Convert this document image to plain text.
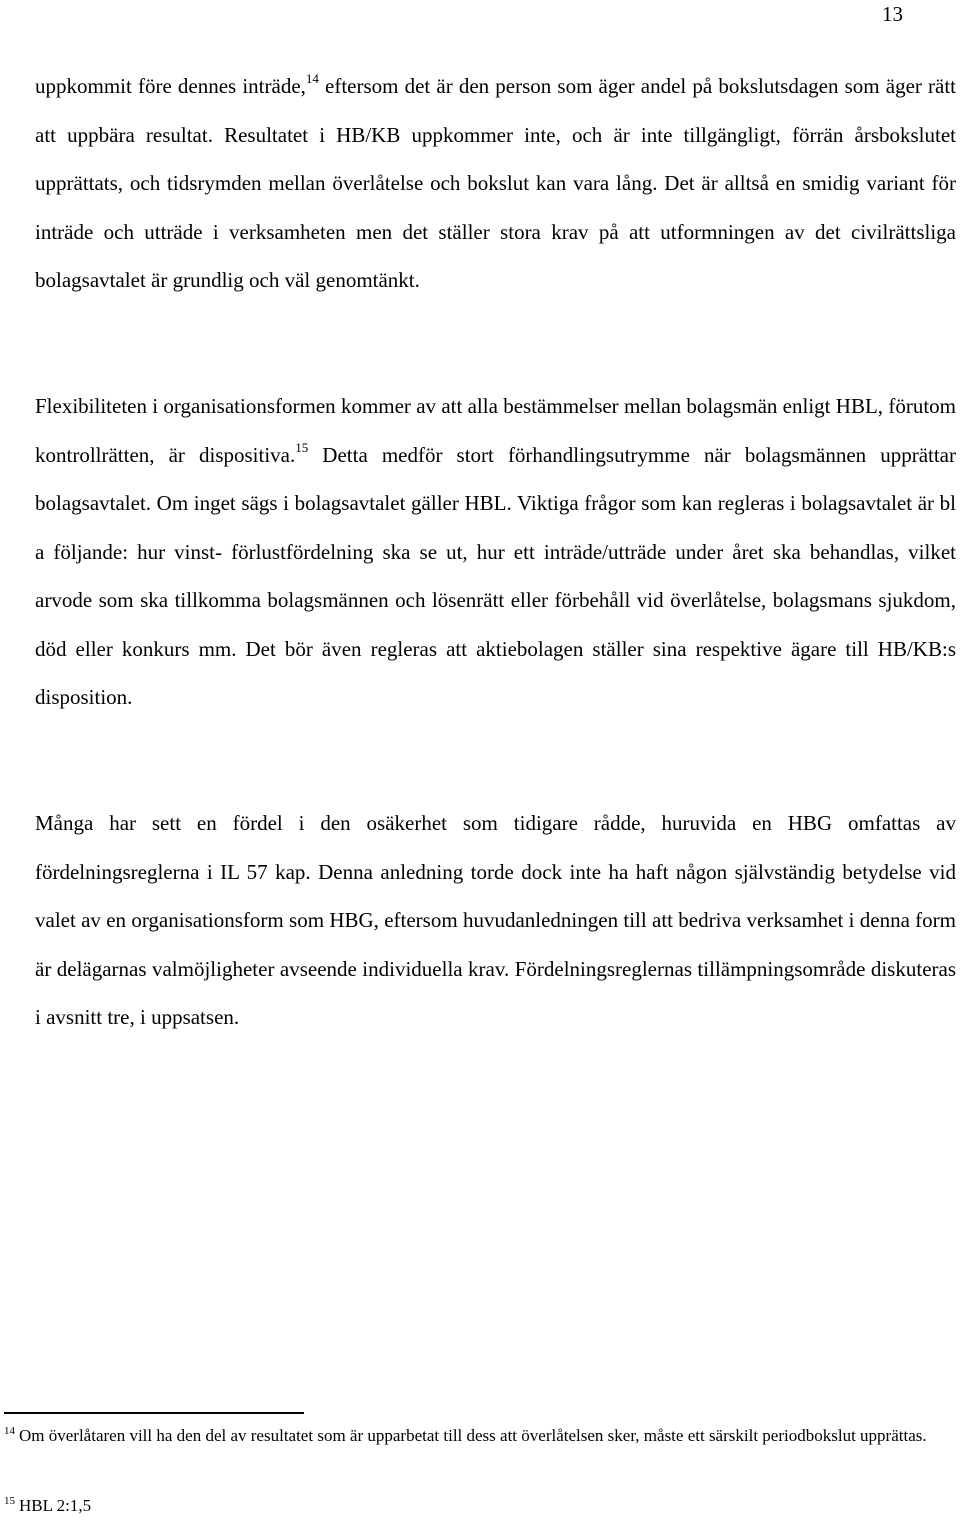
13

uppkommit före dennes inträde,$^{14}$ eftersom det är den person som äger andel på bokslutsdagen som äger rätt att uppbära resultat. Resultatet i HB/KB uppkommer inte, och är inte tillgängligt, förrän årsbokslutet upprättats, och tidsrymden mellan överlåtelse och bokslut kan vara lång. Det är alltså en smidig variant för inträde och utträde i verksamheten men det ställer stora krav på att utformningen av det civilrättsliga bolagsavtalet är grundlig och väl genomtänkt.

Flexibiliteten i organisationsformen kommer av att alla bestämmelser mellan bolagsmän enligt HBL, förutom kontrollrätten, är dispositiva.$^{15}$ Detta medför stort förhandlingsutrymme när bolagsmännen upprättar bolagsavtalet. Om inget sägs i bolagsavtalet gäller HBL. Viktiga frågor som kan regleras i bolagsavtalet är bl a följande: hur vinst- förlustfördelning ska se ut, hur ett inträde/utträde under året ska behandlas, vilket arvode som ska tillkomma bolagsmännen och lösenrätt eller förbehåll vid överlåtelse, bolagsmans sjukdom, död eller konkurs mm. Det bör även regleras att aktiebolagen ställer sina respektive ägare till HB/KB:s disposition.

Många har sett en fördel i den osäkerhet som tidigare rådde, huruvida en HBG omfattas av fördelningsreglerna i IL 57 kap. Denna anledning torde dock inte ha haft någon självständig betydelse vid valet av en organisationsform som HBG, eftersom huvudanledningen till att bedriva verksamhet i denna form är delägarnas valmöjligheter avseende individuella krav. Fördelningsreglernas tillämpningsområde diskuteras i avsnitt tre, i uppsatsen.

$^{14}$ Om överlåtaren vill ha den del av resultatet som är upparbetat till dess att överlåtelsen sker, måste ett särskilt periodbokslut upprättas.

$^{15}$ HBL 2:1,5
